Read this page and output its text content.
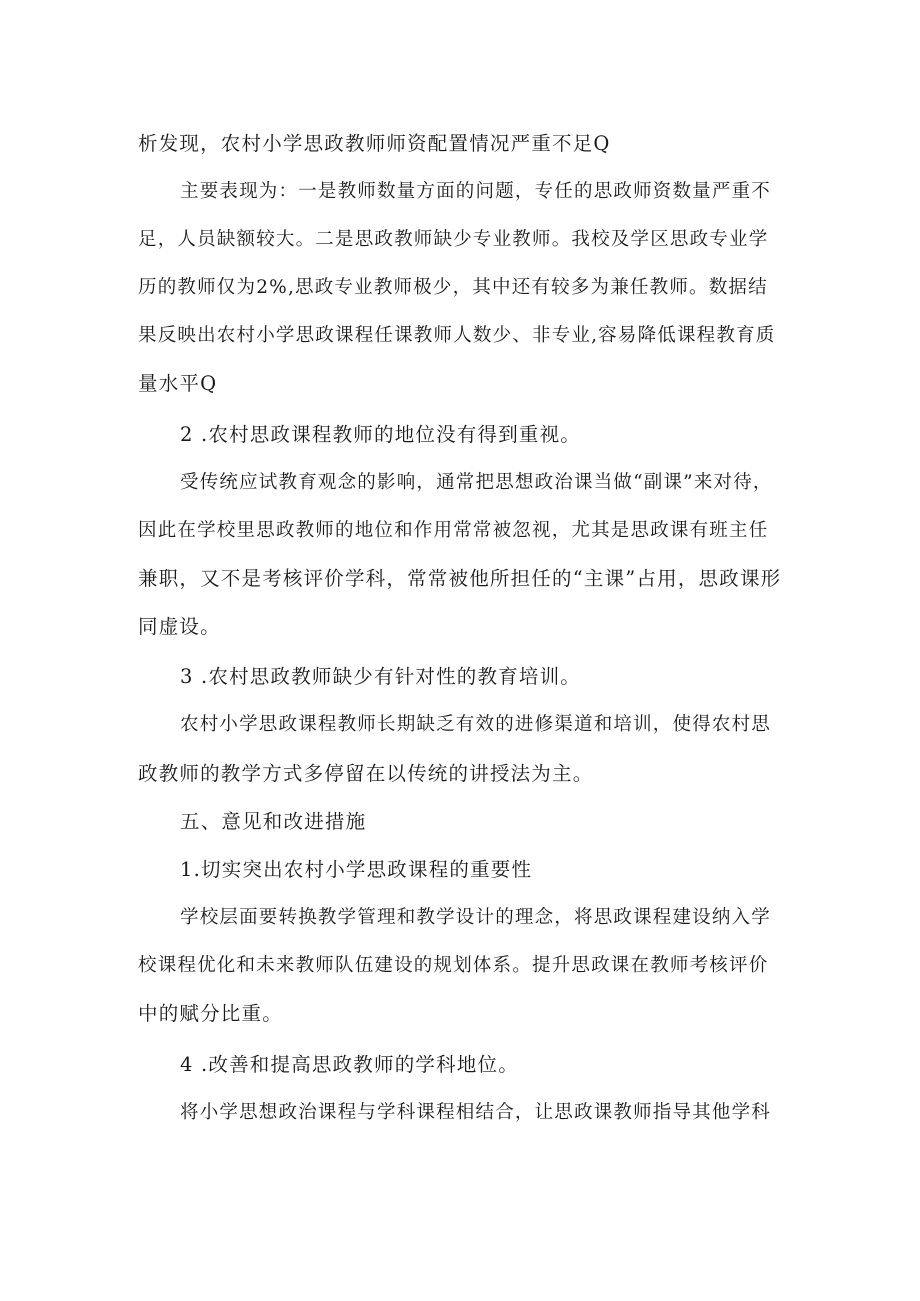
析发现，农村小学思政教师师资配置情况严重不足Q
主要表现为：一是教师数量方面的问题，专任的思政师资数量严重不
足，人员缺额较大。二是思政教师缺少专业教师。我校及学区思政专业学
历的教师仅为2%,思政专业教师极少，其中还有较多为兼任教师。数据结
果反映出农村小学思政课程任课教师人数少、非专业,容易降低课程教育质
量水平Q
2 .农村思政课程教师的地位没有得到重视。
受传统应试教育观念的影响，通常把思想政治课当做“副课”来对待，
因此在学校里思政教师的地位和作用常常被忽视，尤其是思政课有班主任
兼职，又不是考核评价学科，常常被他所担任的“主课”占用，思政课形
同虚设。
3 .农村思政教师缺少有针对性的教育培训。
农村小学思政课程教师长期缺乏有效的进修渠道和培训，使得农村思
政教师的教学方式多停留在以传统的讲授法为主。
五、意见和改进措施
1.切实突出农村小学思政课程的重要性
学校层面要转换教学管理和教学设计的理念，将思政课程建设纳入学
校课程优化和未来教师队伍建设的规划体系。提升思政课在教师考核评价
中的赋分比重。
4 .改善和提高思政教师的学科地位。
将小学思想政治课程与学科课程相结合，让思政课教师指导其他学科
